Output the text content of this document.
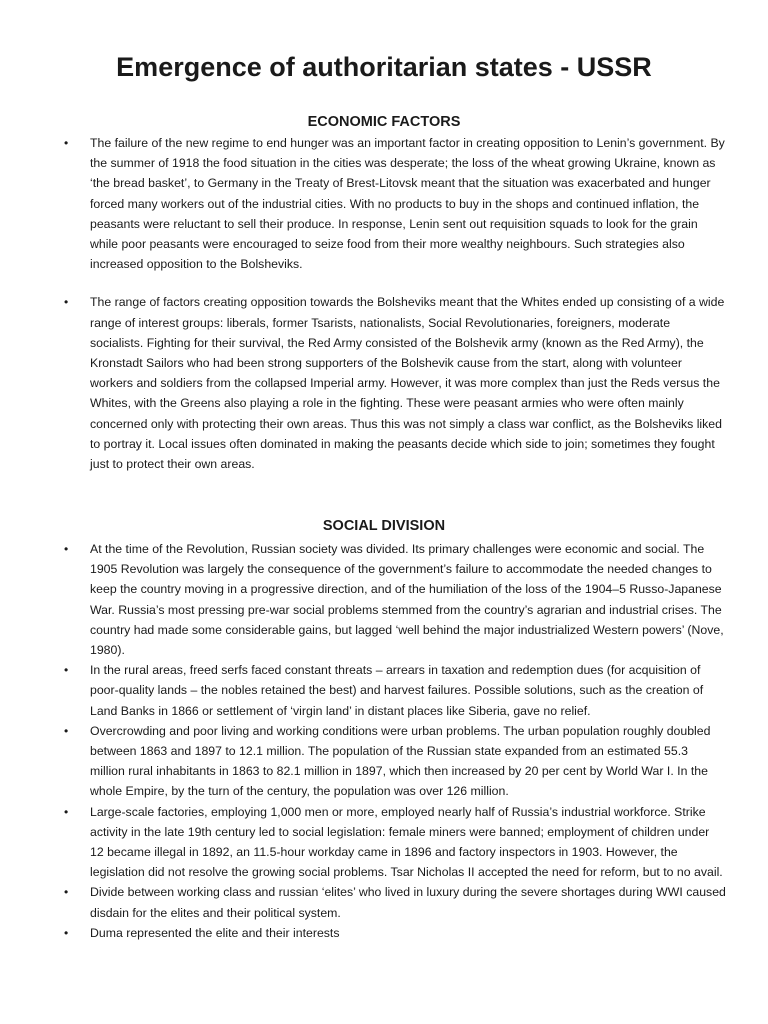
Emergence of authoritarian states - USSR
ECONOMIC FACTORS
• The failure of the new regime to end hunger was an important factor in creating opposition to Lenin’s government. By the summer of 1918 the food situation in the cities was desperate; the loss of the wheat growing Ukraine, known as ‘the bread basket’, to Germany in the Treaty of Brest-Litovsk meant that the situation was exacerbated and hunger forced many workers out of the industrial cities. With no products to buy in the shops and continued inflation, the peasants were reluctant to sell their produce. In response, Lenin sent out requisition squads to look for the grain while poor peasants were encouraged to seize food from their more wealthy neighbours. Such strategies also increased opposition to the Bolsheviks.
• The range of factors creating opposition towards the Bolsheviks meant that the Whites ended up consisting of a wide range of interest groups: liberals, former Tsarists, nationalists, Social Revolutionaries, foreigners, moderate socialists. Fighting for their survival, the Red Army consisted of the Bolshevik army (known as the Red Army), the Kronstadt Sailors who had been strong supporters of the Bolshevik cause from the start, along with volunteer workers and soldiers from the collapsed Imperial army. However, it was more complex than just the Reds versus the Whites, with the Greens also playing a role in the fighting. These were peasant armies who were often mainly concerned only with protecting their own areas. Thus this was not simply a class war conflict, as the Bolsheviks liked to portray it. Local issues often dominated in making the peasants decide which side to join; sometimes they fought just to protect their own areas.
SOCIAL DIVISION
• At the time of the Revolution, Russian society was divided. Its primary challenges were economic and social. The 1905 Revolution was largely the consequence of the government’s failure to accommodate the needed changes to keep the country moving in a progressive direction, and of the humiliation of the loss of the 1904–5 Russo-Japanese War. Russia’s most pressing pre-war social problems stemmed from the country’s agrarian and industrial crises. The country had made some considerable gains, but lagged ‘well behind the major industrialized Western powers’ (Nove, 1980).
• In the rural areas, freed serfs faced constant threats – arrears in taxation and redemption dues (for acquisition of poor-quality lands – the nobles retained the best) and harvest failures. Possible solutions, such as the creation of Land Banks in 1866 or settlement of ‘virgin land’ in distant places like Siberia, gave no relief.
• Overcrowding and poor living and working conditions were urban problems. The urban population roughly doubled between 1863 and 1897 to 12.1 million. The population of the Russian state expanded from an estimated 55.3 million rural inhabitants in 1863 to 82.1 million in 1897, which then increased by 20 per cent by World War I. In the whole Empire, by the turn of the century, the population was over 126 million.
• Large-scale factories, employing 1,000 men or more, employed nearly half of Russia’s industrial workforce. Strike activity in the late 19th century led to social legislation: female miners were banned; employment of children under 12 became illegal in 1892, an 11.5-hour workday came in 1896 and factory inspectors in 1903. However, the legislation did not resolve the growing social problems. Tsar Nicholas II accepted the need for reform, but to no avail.
• Divide between working class and russian ‘elites’ who lived in luxury during the severe shortages during WWI caused disdain for the elites and their political system.
• Duma represented the elite and their interests
